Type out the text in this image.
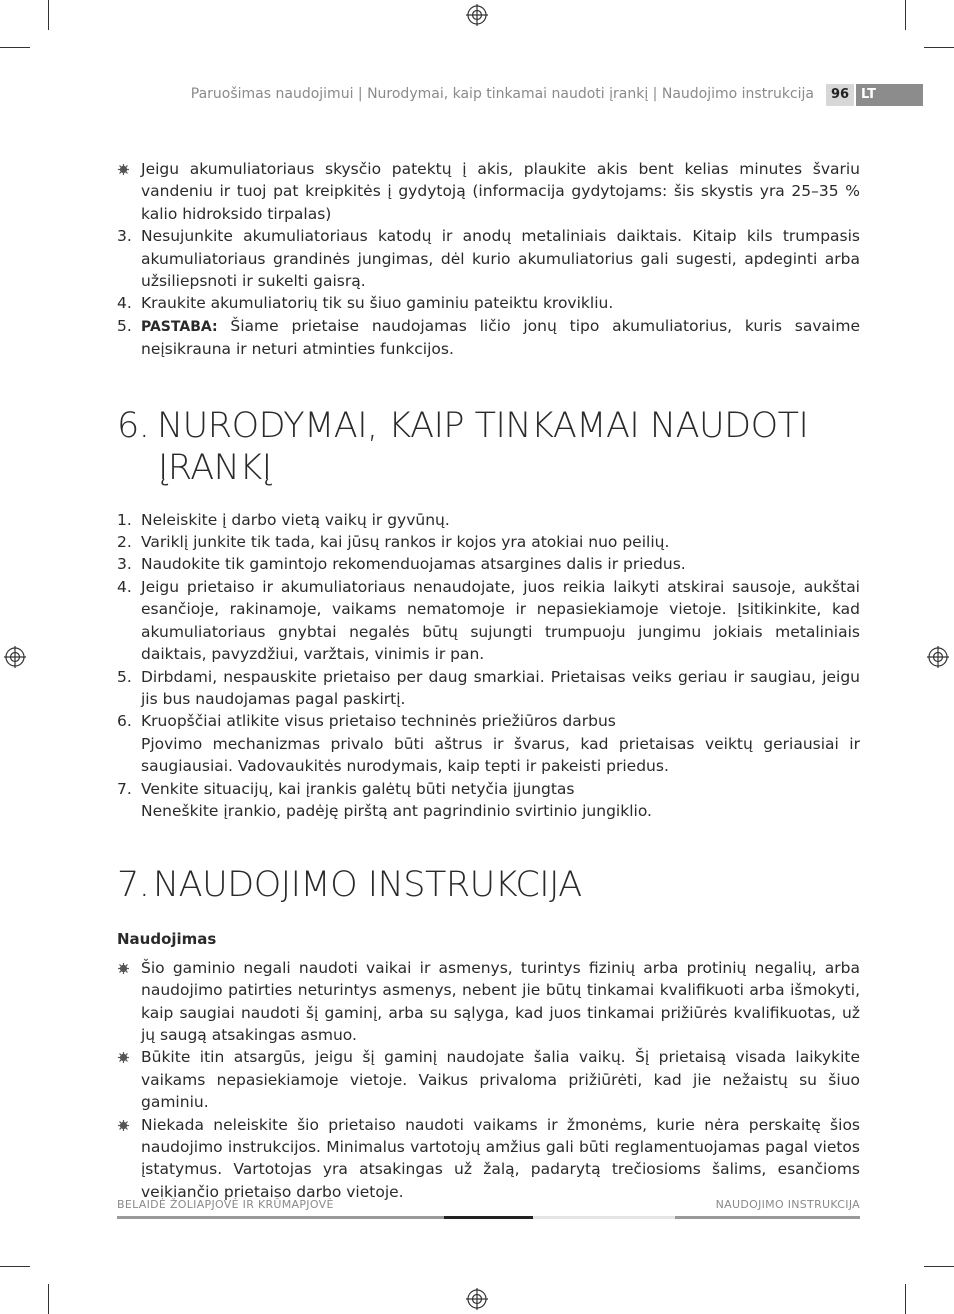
Paruošimas naudojimui | Nurodymai, kaip tinkamai naudoti įrankį | Naudojimo instrukcija	96 LT
Jeigu akumuliatoriaus skysčio patektų į akis, plaukite akis bent kelias minutes švariu vandeniu ir tuoj pat kreipkitės į gydytoją (informacija gydytojams: šis skystis yra 25–35 % kalio hidroksido tirpalas)
3. Nesujunkite akumuliatoriaus katodų ir anodų metaliniais daiktais. Kitaip kils trumpasis akumuliatoriaus grandinės jungimas, dėl kurio akumuliatorius gali sugesti, apdeginti arba užsiliepsnoti ir sukelti gaisrą.
4. Kraukite akumuliatorių tik su šiuo gaminiu pateiktu krovikliu.
5. PASTABA: Šiame prietaise naudojamas ličio jonų tipo akumuliatorius, kuris savaime neįsikrauna ir neturi atminties funkcijos.
6. NURODYMAI, KAIP TINKAMAI NAUDOTI
ĮRANKĮ
1. Neleiskite į darbo vietą vaikų ir gyvūnų.
2. Variklį junkite tik tada, kai jūsų rankos ir kojos yra atokiai nuo peilių.
3. Naudokite tik gamintojo rekomenduojamas atsargines dalis ir priedus.
4. Jeigu prietaiso ir akumuliatoriaus nenaudojate, juos reikia laikyti atskirai sausoje, aukštai esančioje, rakinamoje, vaikams nematomoje ir nepasiekiamoje vietoje. Įsitikinkite, kad akumuliatoriaus gnybtai negalės būtų sujungti trumpuoju jungimu jokiais metaliniais daiktais, pavyzdžiui, varžtais, vinimis ir pan.
5. Dirbdami, nespauskite prietaiso per daug smarkiai. Prietaisas veiks geriau ir saugiau, jeigu jis bus naudojamas pagal paskirtį.
6. Kruopščiai atlikite visus prietaiso techninės priežiūros darbus
Pjovimo mechanizmas privalo būti aštrus ir švarus, kad prietaisas veiktų geriausiai ir saugiausiai. Vadovaukitės nurodymais, kaip tepti ir pakeisti priedus.
7. Venkite situacijų, kai įrankis galėtų būti netyčia įjungtas
Neneškite įrankio, padėję pirštą ant pagrindinio svirtinio jungiklio.
7. NAUDOJIMO INSTRUKCIJA

Naudojimas

Šio gaminio negali naudoti vaikai ir asmenys, turintys fizinių arba protinių negalių, arba naudojimo patirties neturintys asmenys, nebent jie būtų tinkamai kvalifikuoti arba išmokyti, kaip saugiai naudoti šį gaminį, arba su sąlyga, kad juos tinkamai prižiūrės kvalifikuotas, už jų saugą atsakingas asmuo.
Būkite itin atsargūs, jeigu šį gaminį naudojate šalia vaikų. Šį prietaisą visada laikykite vaikams nepasiekiamoje vietoje. Vaikus privaloma prižiūrėti, kad jie nežaistų su šiuo gaminiu.
Niekada neleiskite šio prietaiso naudoti vaikams ir žmonėms, kurie nėra perskaitę šios naudojimo instrukcijos. Minimalus vartotojų amžius gali būti reglamentuojamas pagal vietos įstatymus. Vartotojas yra atsakingas už žalą, padarytą trečiosioms šalims, esančioms veikiančio prietaiso darbo vietoje.
BELAIDĖ ŽOLIAPJOVĖ IR KRŪMAPJOVĖ	NAUDOJIMO INSTRUKCIJA
